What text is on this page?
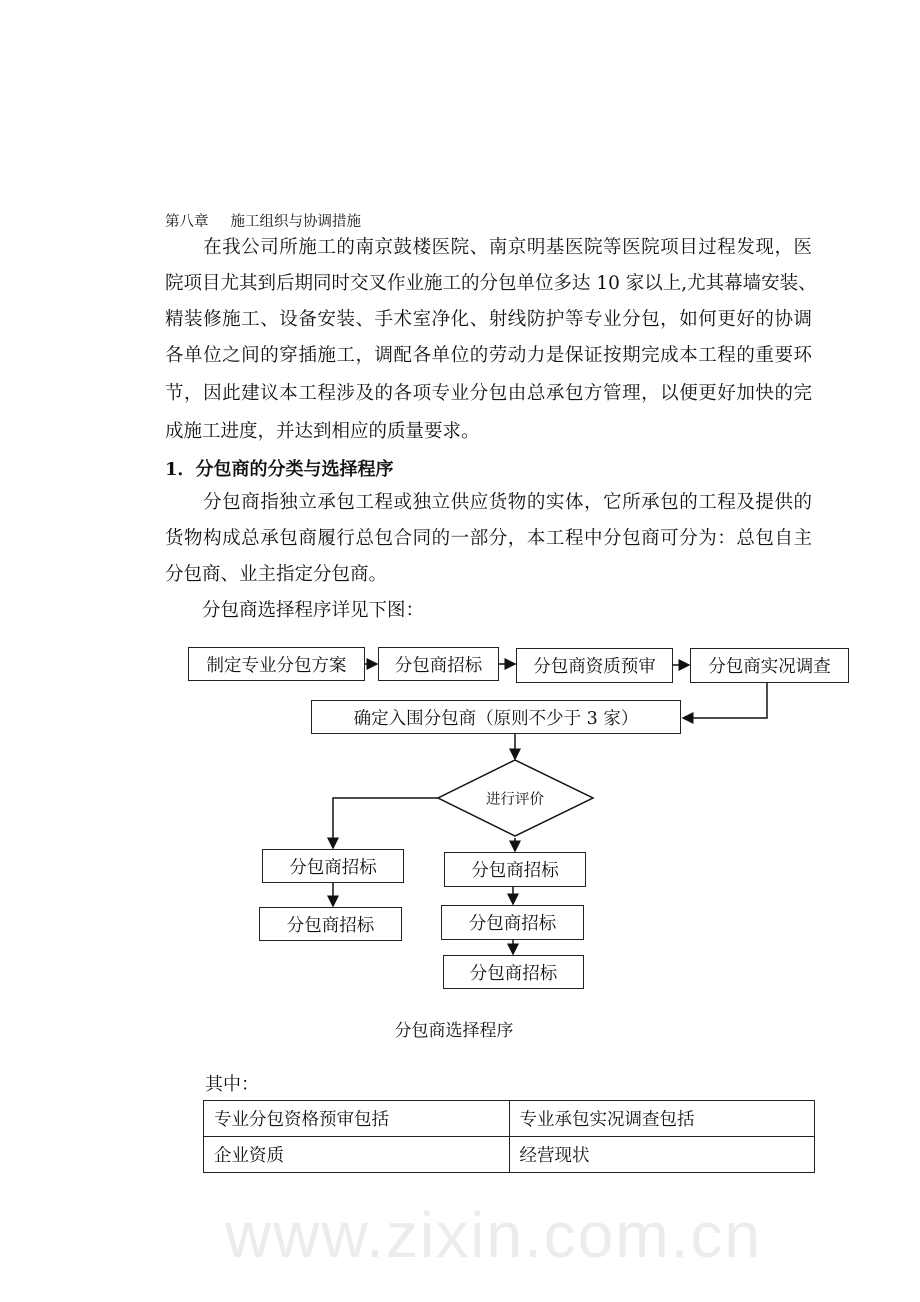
www.zixin.com.cn
第八章 施工组织与协调措施
　　在我公司所施工的南京鼓楼医院、南京明基医院等医院项目过程发现，医
院项目尤其到后期同时交叉作业施工的分包单位多达 10 家以上,尤其幕墙安装、
精装修施工、设备安装、手术室净化、射线防护等专业分包，如何更好的协调
各单位之间的穿插施工，调配各单位的劳动力是保证按期完成本工程的重要环
节，因此建议本工程涉及的各项专业分包由总承包方管理，以便更好加快的完
成施工进度，并达到相应的质量要求。
1．分包商的分类与选择程序
　　分包商指独立承包工程或独立供应货物的实体，它所承包的工程及提供的
货物构成总承包商履行总包合同的一部分，本工程中分包商可分为：总包自主
分包商、业主指定分包商。
　　分包商选择程序详见下图：
进行评价
制定专业分包方案	分包商招标	分包商资质预审	分包商实况调查
确定入围分包商（原则不少于 3 家）
分包商招标
分包商招标
分包商招标
分包商招标
分包商招标
分包商选择程序
其中：
专业分包资格预审包括	专业承包实况调查包括
企业资质	经营现状
